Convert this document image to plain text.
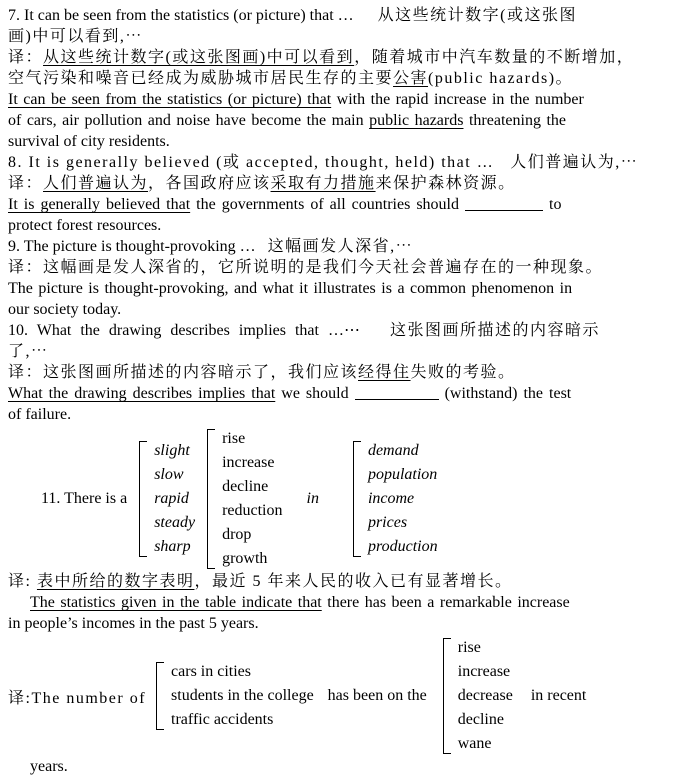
7. It can be seen from the statistics (or picture) that … 从这些统计数字(或这张图
画)中可以看到,⋯
译：从这些统计数字(或这张图画)中可以看到，随着城市中汽车数量的不断增加，
空气污染和噪音已经成为威胁城市居民生存的主要公害(public hazards)。
It can be seen from the statistics (or picture) that with the rapid increase in the number
of cars, air pollution and noise have become the main public hazards threatening the
survival of city residents.
8. It is generally believed (或 accepted, thought, held) that … 人们普遍认为,⋯
译：人们普遍认为，各国政府应该采取有力措施来保护森林资源。
It is generally believed that the governments of all countries should	to
protect forest resources.
9. The picture is thought-provoking … 这幅画发人深省,⋯
译：这幅画是发人深省的，它所说明的是我们今天社会普遍存在的一种现象。
The picture is thought-provoking, and what it illustrates is a common phenomenon in
our society today.
10. What the drawing describes implies that …⋯ 这张图画所描述的内容暗示
了,⋯
译：这张图画所描述的内容暗示了，我们应该经得住失败的考验。
What the drawing describes implies that we should	(withstand) the test
of failure.
11. There is a
slight
slow
rapid
steady
sharp
rise
increase
decline
reduction
drop
growth
in
demand
population
income
prices
production
译: 表中所给的数字表明，最近 5 年来人民的收入已有显著增长。
The statistics given in the table indicate that there has been a remarkable increase
in people’s incomes in the past 5 years.
译:The number of
cars in cities
students in the college
traffic accidents
has been on the
rise
increase
decrease
decline
wane
in recent
years.
